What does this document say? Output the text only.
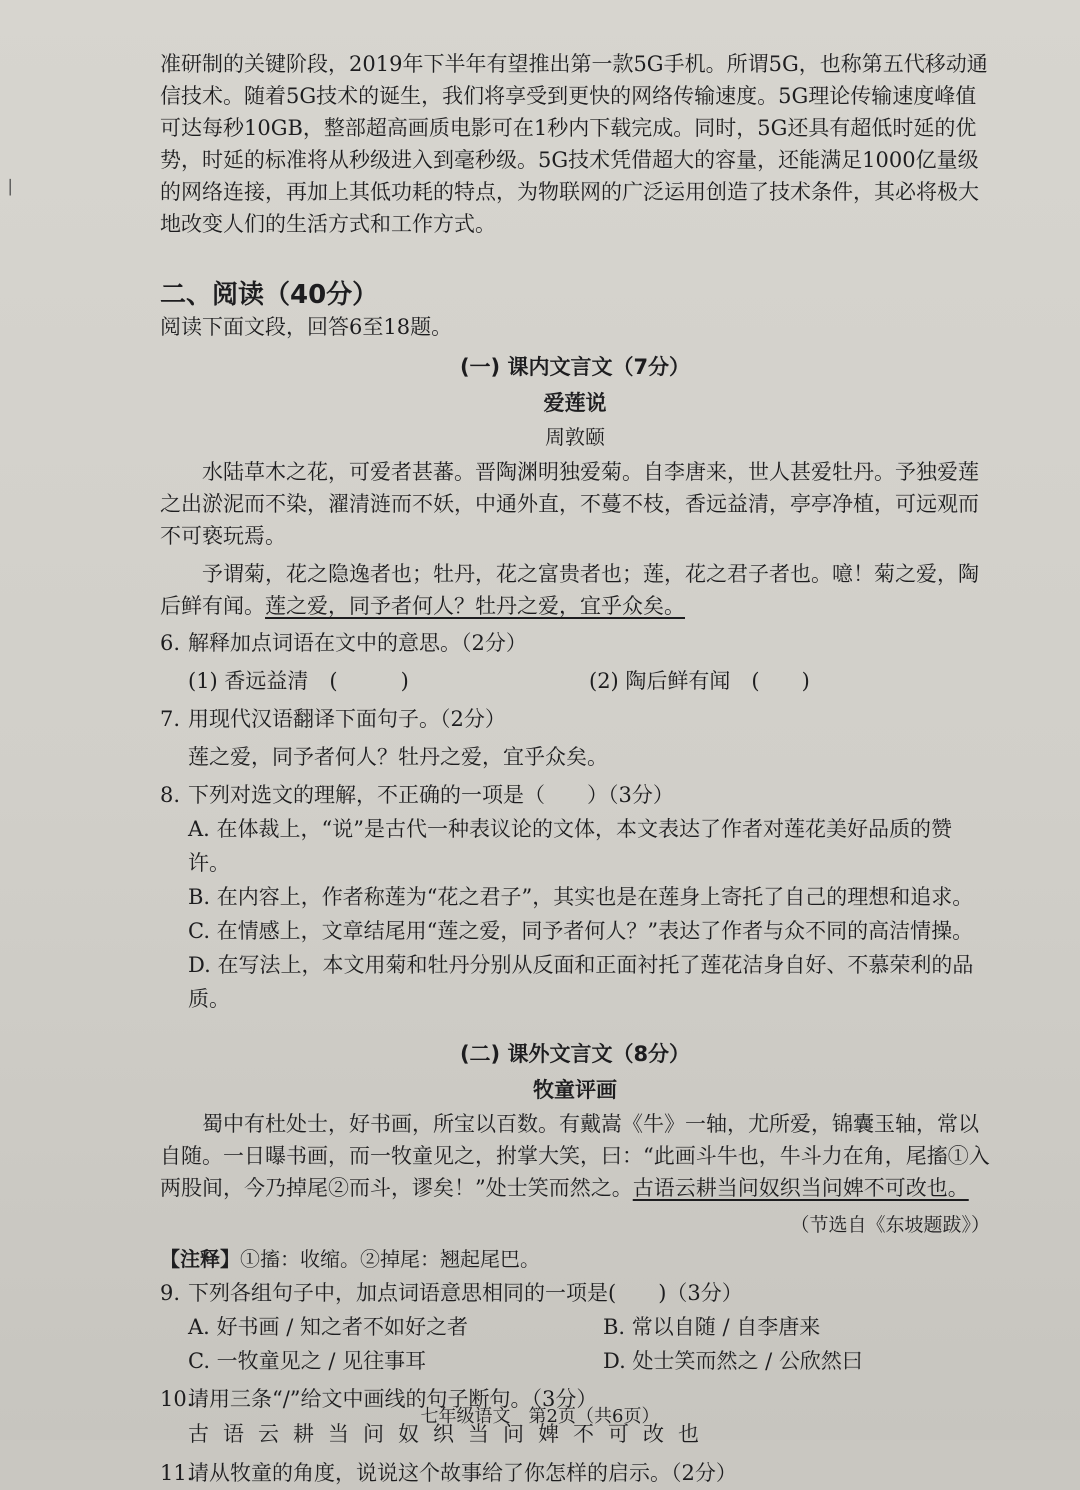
▕

准研制的关键阶段，2019年下半年有望推出第一款5G手机。所谓5G，也称第五代移动通信技术。随着5G技术的诞生，我们将享受到更快的网络传输速度。5G理论传输速度峰值可达每秒10GB，整部超高画质电影可在1秒内下载完成。同时，5G还具有超低时延的优势，时延的标准将从秒级进入到毫秒级。5G技术凭借超大的容量，还能满足1000亿量级的网络连接，再加上其低功耗的特点，为物联网的广泛运用创造了技术条件，其必将极大地改变人们的生活方式和工作方式。

二、阅读（40分）

阅读下面文段，回答6至18题。

(一) 课内文言文（7分）
爱莲说
周敦颐

水陆草木之花，可爱者甚蕃。晋陶渊明独爱菊。自李唐来，世人甚爱牡丹。予独爱莲之出淤泥而不染，濯清涟而不妖，中通外直，不蔓不枝，香远益清，亭亭净植，可远观而不可亵玩焉。

予谓菊，花之隐逸者也；牡丹，花之富贵者也；莲，花之君子者也。噫！菊之爱，陶后鲜有闻。莲之爱，同予者何人？牡丹之爱，宜乎众矣。

6. 解释加点词语在文中的意思。（2分）
(1) 香远益清　(　　　)	(2) 陶后鲜有闻　(　　)
7. 用现代汉语翻译下面句子。（2分）
莲之爱，同予者何人？牡丹之爱，宜乎众矣。
8. 下列对选文的理解，不正确的一项是（　　）（3分）
A. 在体裁上，“说”是古代一种表议论的文体，本文表达了作者对莲花美好品质的赞许。
B. 在内容上，作者称莲为“花之君子”，其实也是在莲身上寄托了自己的理想和追求。
C. 在情感上，文章结尾用“莲之爱，同予者何人？”表达了作者与众不同的高洁情操。
D. 在写法上，本文用菊和牡丹分别从反面和正面衬托了莲花洁身自好、不慕荣利的品质。
(二) 课外文言文（8分）
牧童评画

蜀中有杜处士，好书画，所宝以百数。有戴嵩《牛》一轴，尤所爱，锦囊玉轴，常以自随。一日曝书画，而一牧童见之，拊掌大笑，曰：“此画斗牛也，牛斗力在角，尾搐①入两股间，今乃掉尾②而斗，谬矣！”处士笑而然之。古语云耕当问奴织当问婢不可改也。

（节选自《东坡题跋》）
【注释】①搐：收缩。②掉尾：翘起尾巴。
9. 下列各组句子中，加点词语意思相同的一项是(　　)（3分）
A. 好书画 / 知之者不如好之者	B. 常以自随 / 自李唐来
C. 一牧童见之 / 见往事耳	D. 处士笑而然之 / 公欣然曰
10.请用三条“/”给文中画线的句子断句。（3分）
古语云耕当问奴织当问婢不可改也
11.请从牧童的角度，说说这个故事给了你怎样的启示。（2分）
七年级语文　第2页（共6页）
